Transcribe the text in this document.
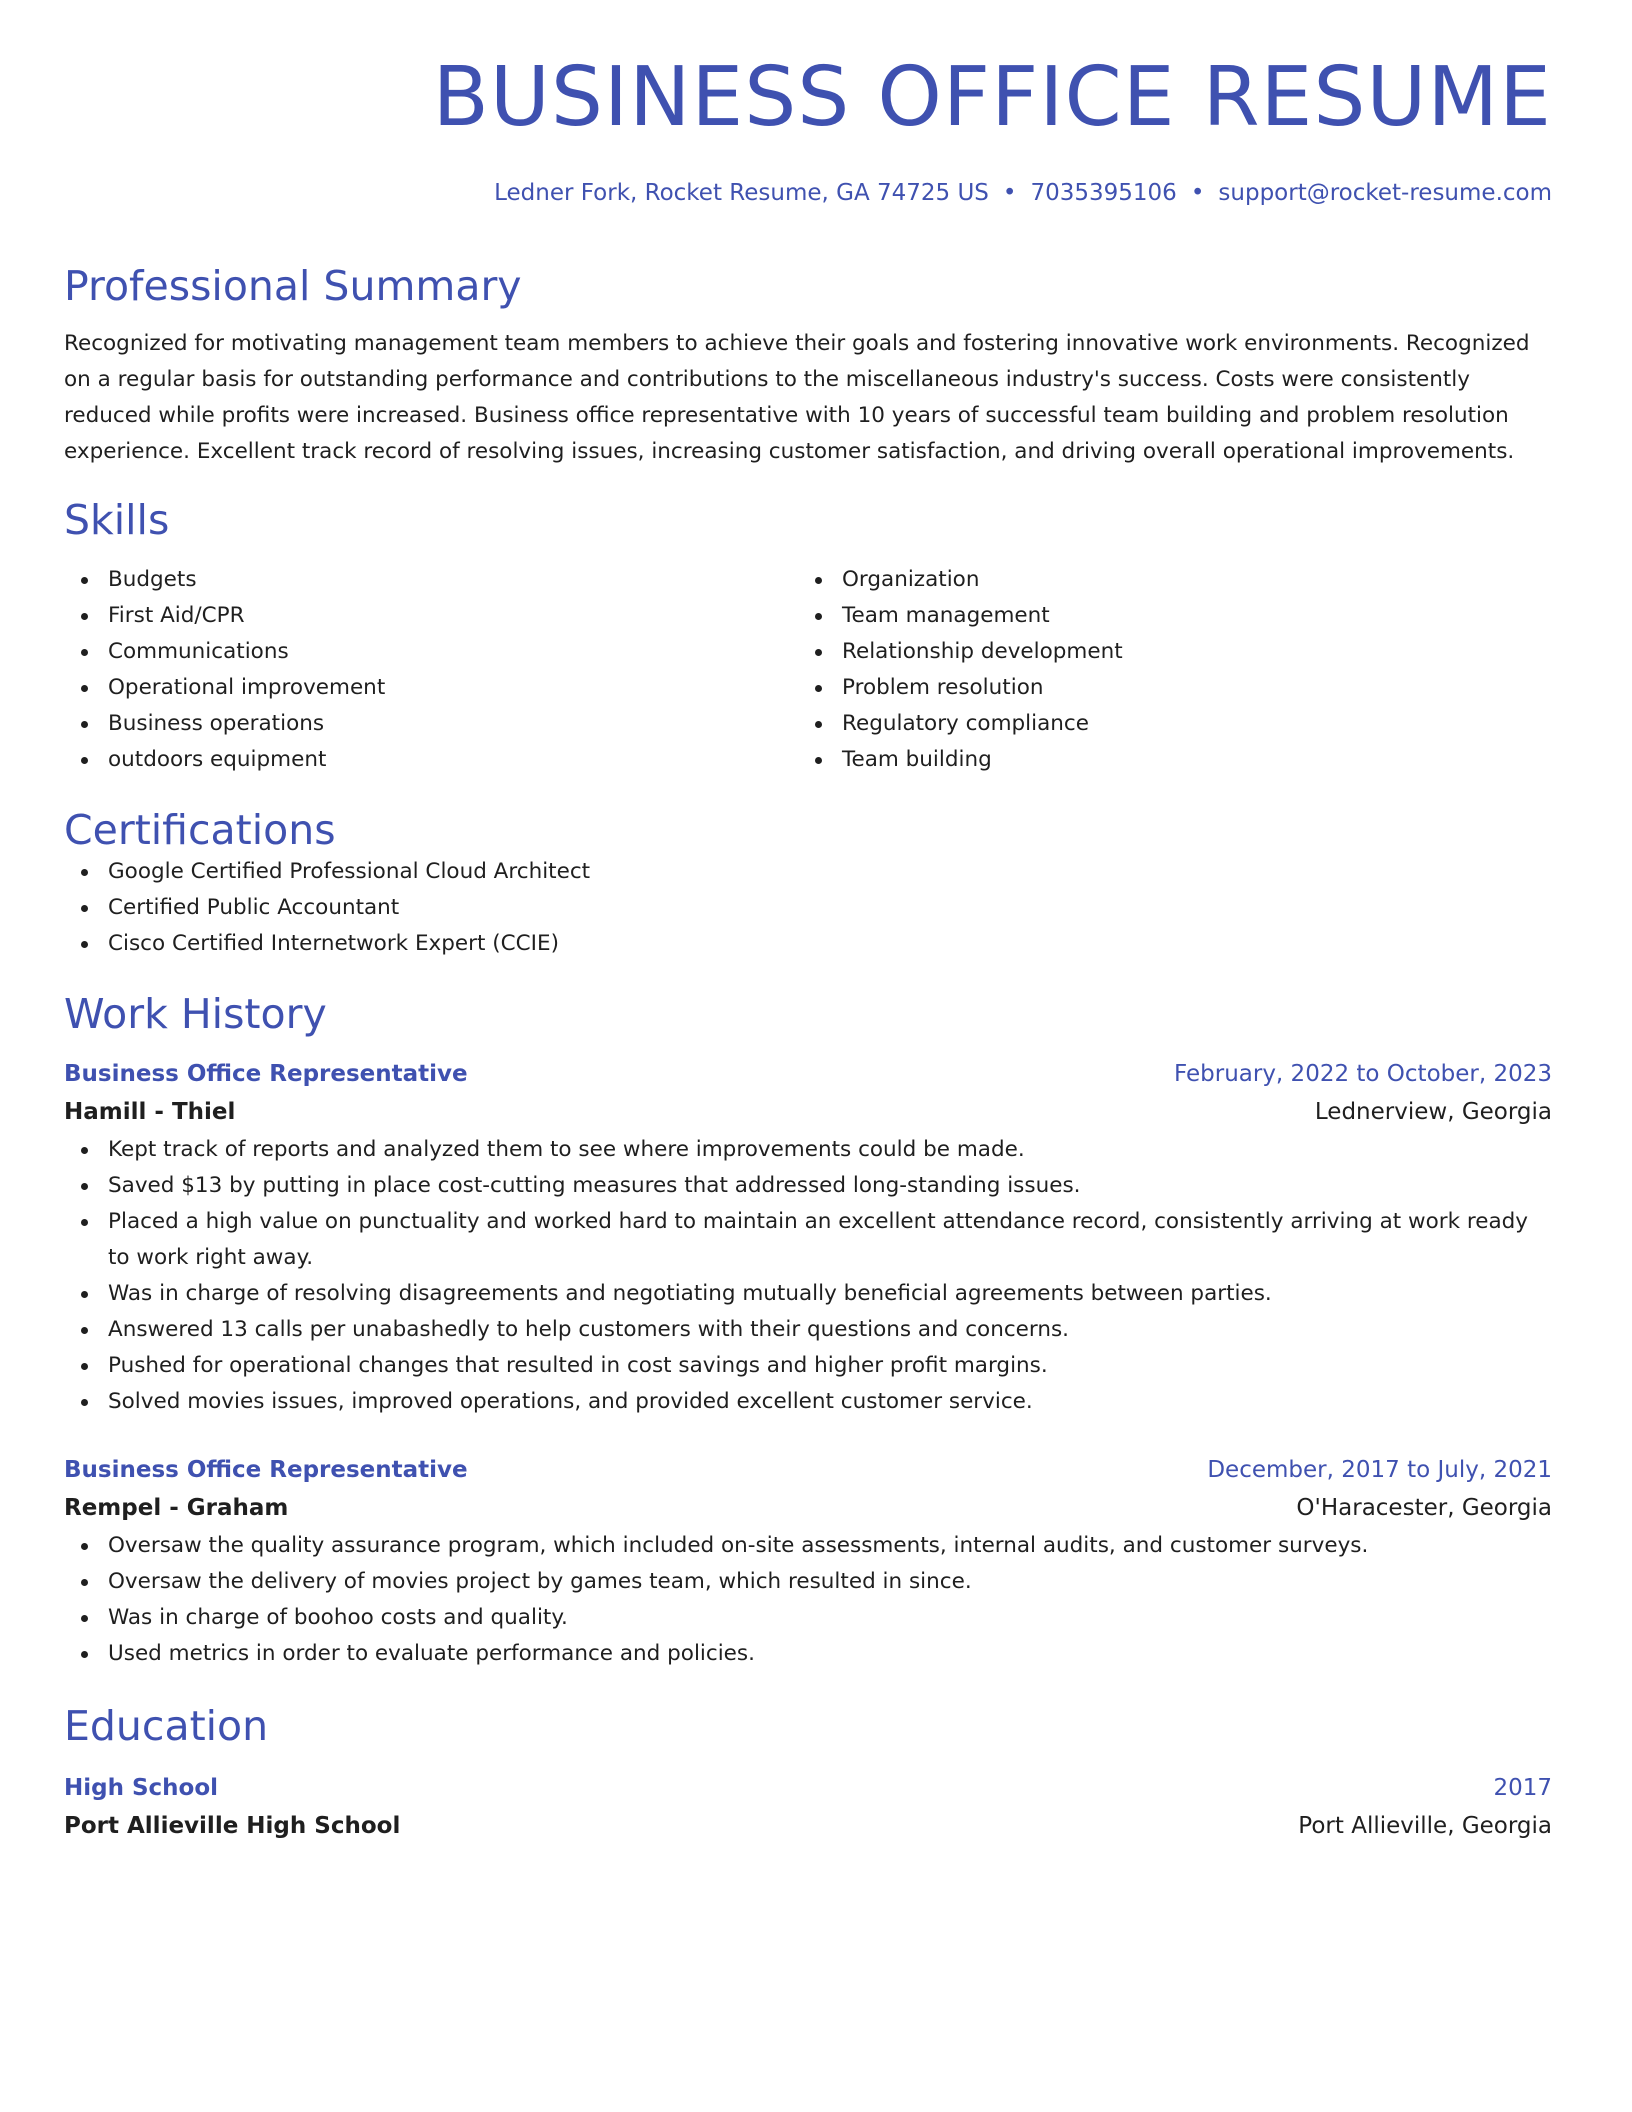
BUSINESS OFFICE RESUME
Ledner Fork, Rocket Resume, GA 74725 US • 7035395106 • support@rocket-resume.com
Professional Summary

Recognized for motivating management team members to achieve their goals and fostering innovative work environments. Recognized on a regular basis for outstanding performance and contributions to the miscellaneous industry's success. Costs were consistently reduced while profits were increased. Business office representative with 10 years of successful team building and problem resolution experience. Excellent track record of resolving issues, increasing customer satisfaction, and driving overall operational improvements.

Skills
Budgets
First Aid/CPR
Communications
Operational improvement
Business operations
outdoors equipment
Organization
Team management
Relationship development
Problem resolution
Regulatory compliance
Team building
Certifications
Google Certified Professional Cloud Architect
Certified Public Accountant
Cisco Certified Internetwork Expert (CCIE)
Work History
Business Office Representative	February, 2022 to October, 2023
Hamill - Thiel	Lednerview, Georgia
Kept track of reports and analyzed them to see where improvements could be made.
Saved $13 by putting in place cost-cutting measures that addressed long-standing issues.
Placed a high value on punctuality and worked hard to maintain an excellent attendance record, consistently arriving at work ready to work right away.
Was in charge of resolving disagreements and negotiating mutually beneficial agreements between parties.
Answered 13 calls per unabashedly to help customers with their questions and concerns.
Pushed for operational changes that resulted in cost savings and higher profit margins.
Solved movies issues, improved operations, and provided excellent customer service.
Business Office Representative	December, 2017 to July, 2021
Rempel - Graham	O'Haracester, Georgia
Oversaw the quality assurance program, which included on-site assessments, internal audits, and customer surveys.
Oversaw the delivery of movies project by games team, which resulted in since.
Was in charge of boohoo costs and quality.
Used metrics in order to evaluate performance and policies.
Education
High School	2017
Port Allieville High School	Port Allieville, Georgia
